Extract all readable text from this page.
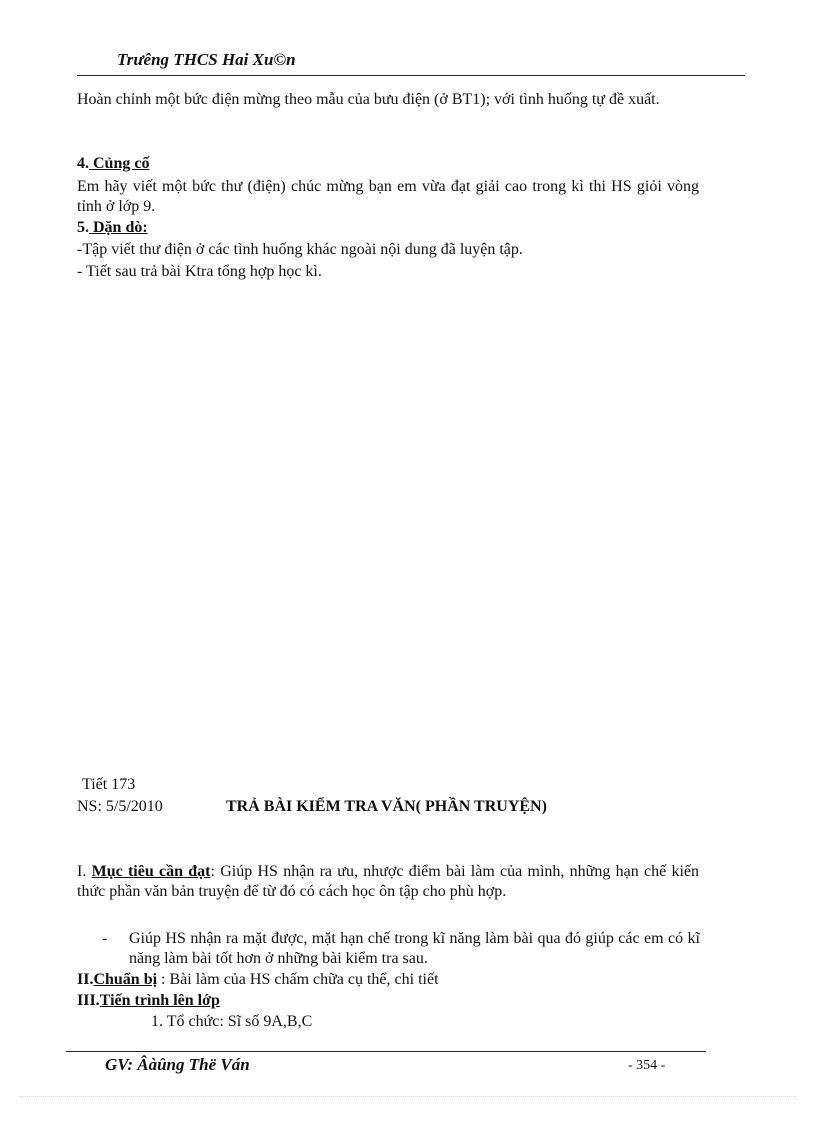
Trưêng THCS Hai Xu©n
Hoàn chỉnh một bức điện mừng theo mẫu của bưu điện (ở BT1); với tình huống tự đề xuất.
4. Củng cố
Em hãy viết một bức thư (điện) chúc mừng bạn em vừa đạt giải cao trong kì thi HS giỏi vòng tỉnh ở lớp 9.
5. Dặn dò:
-Tập viết thư điện ở các tình huống khác ngoài nội dung đã luyện tập.
- Tiết sau trả bài Ktra tổng hợp học kì.
Tiết 173
NS: 5/5/2010	TRẢ BÀI KIỂM TRA VĂN( PHẦN TRUYỆN)
I. Mục tiêu cần đạt: Giúp HS nhận ra ưu, nhược điểm bài làm của mình, những hạn chế kiến thức phần văn bản truyện để từ đó có cách học ôn tập cho phù hợp.
- Giúp HS nhận ra mặt được, mặt hạn chế trong kĩ năng làm bài qua đó giúp các em có kĩ năng làm bài tốt hơn ở những bài kiểm tra sau.
II.Chuẩn bị : Bài làm của HS chấm chữa cụ thể, chi tiết
III.Tiến trình lên lớp
1. Tổ chức: Sĩ số 9A,B,C
GV: Âàûng Thë Ván	- 354 -
